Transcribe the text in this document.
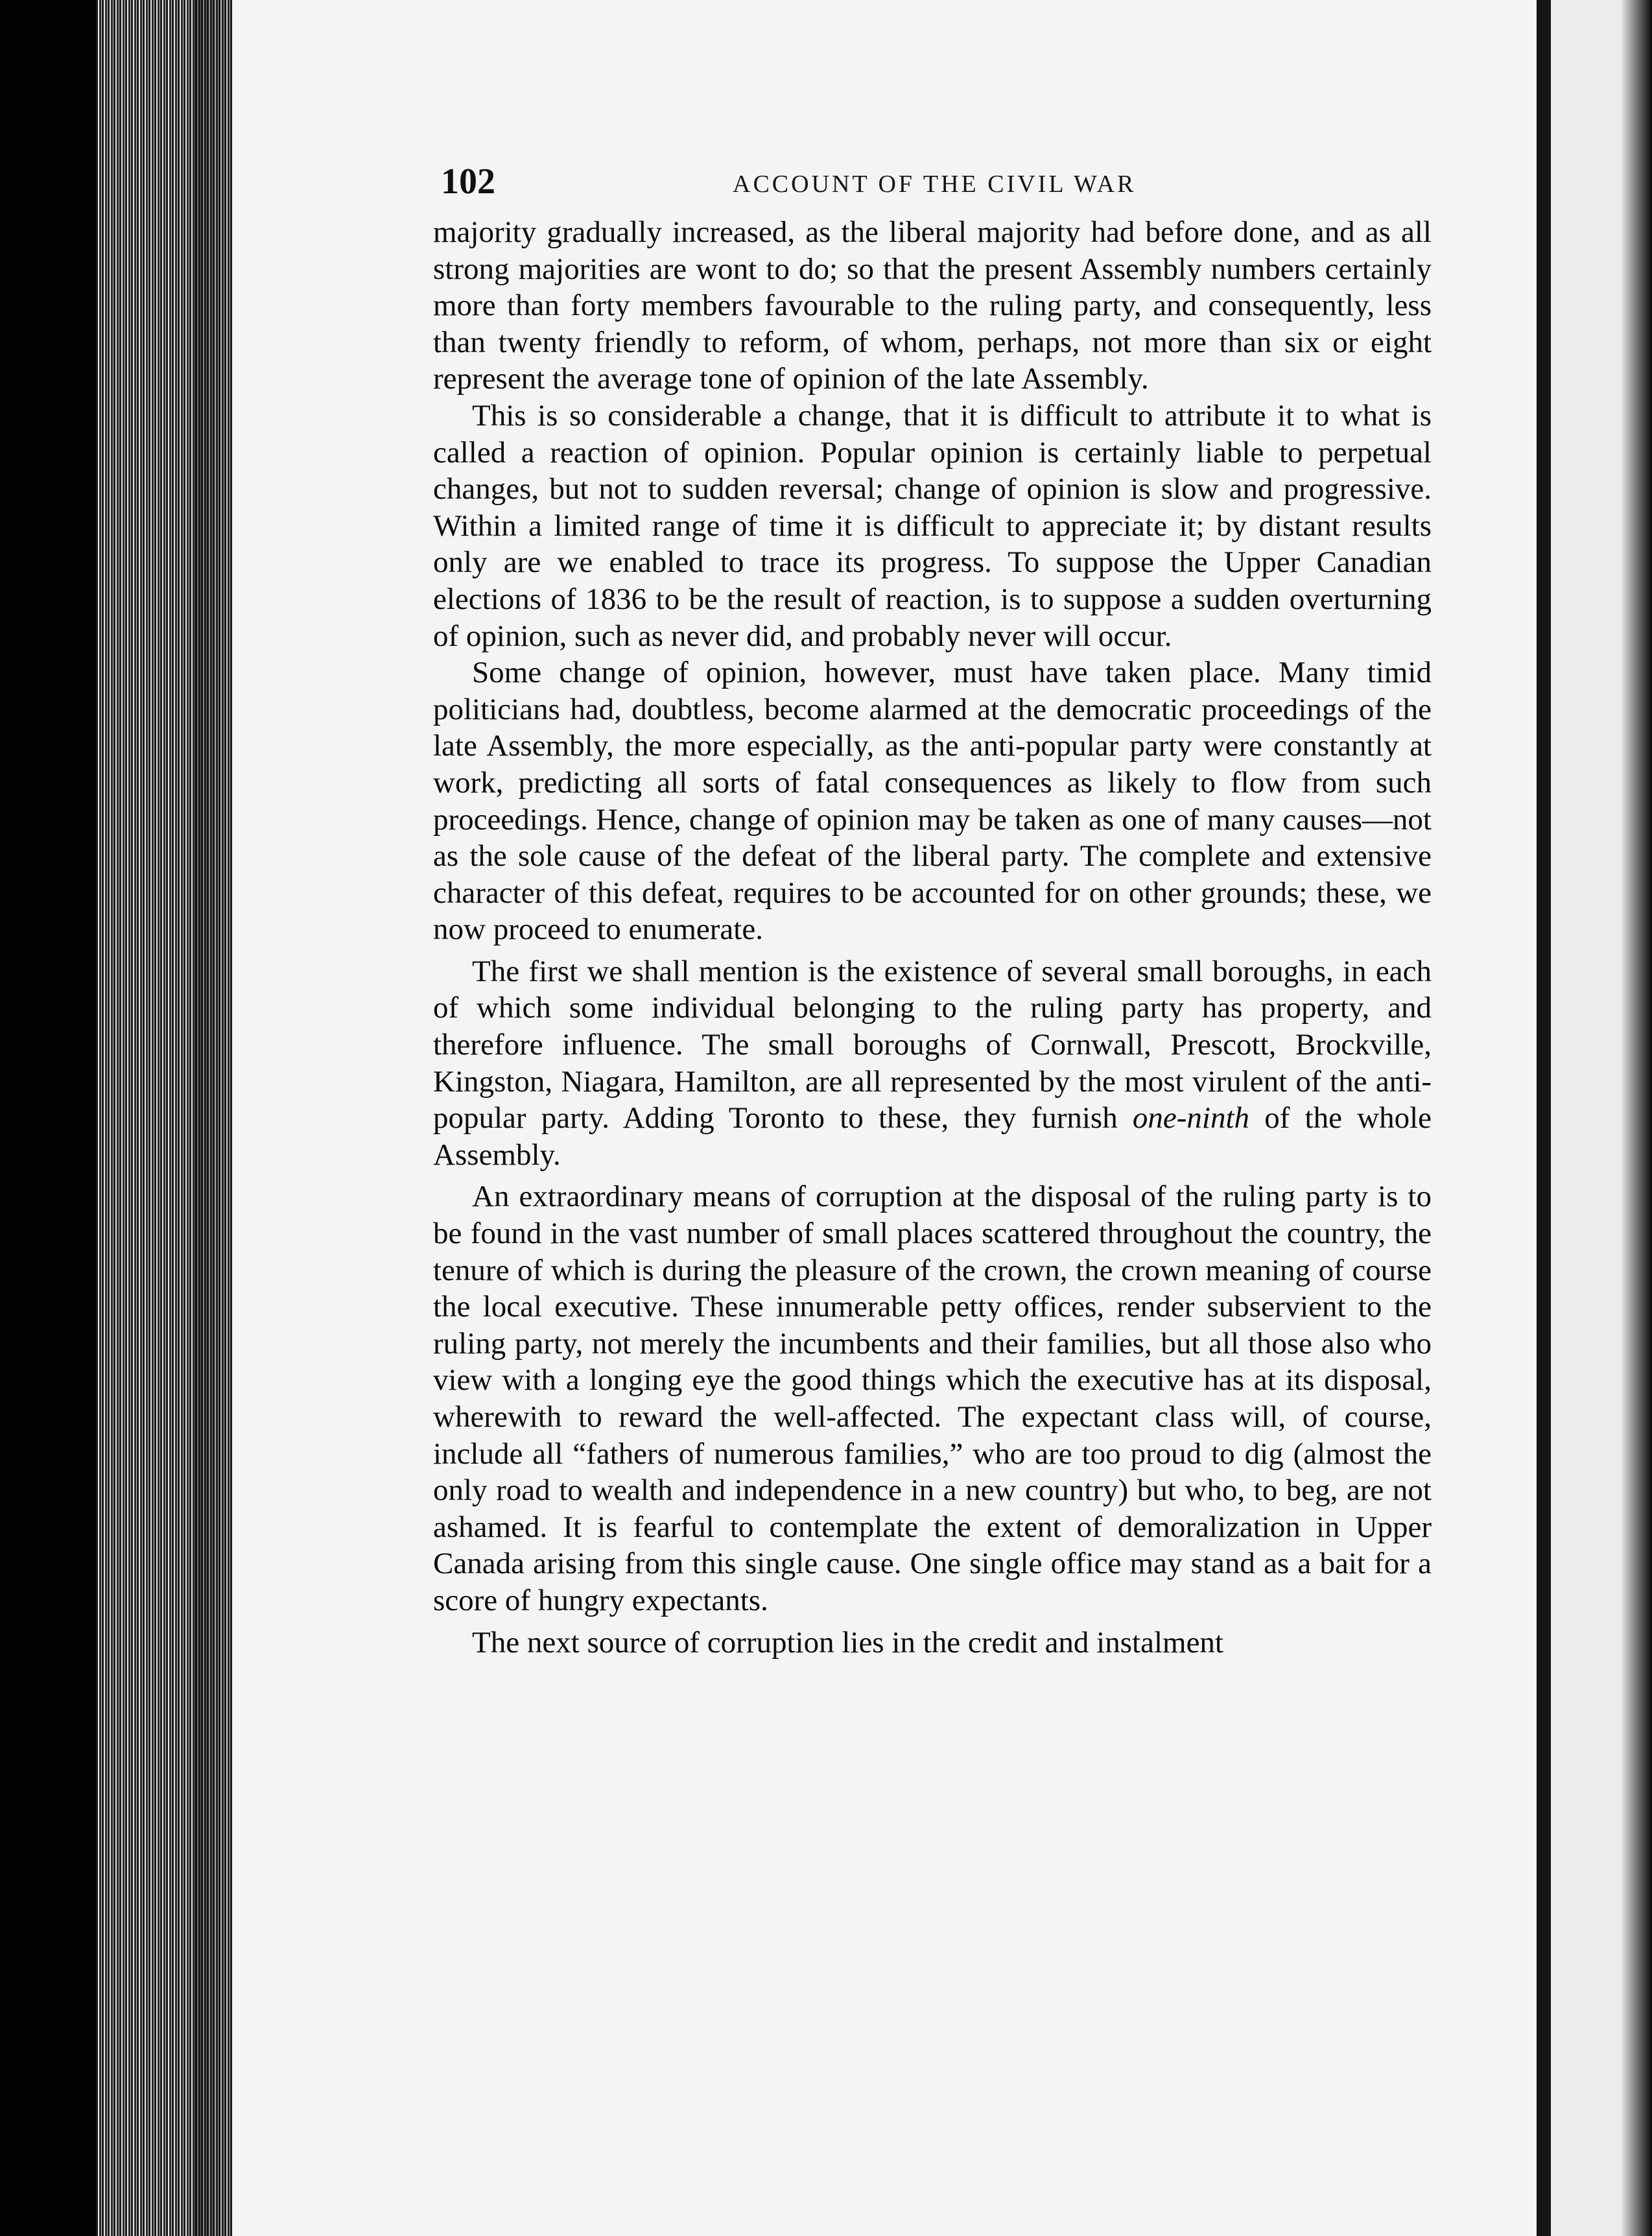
102	ACCOUNT OF THE CIVIL WAR

majority gradually increased, as the liberal majority had before done, and as all strong majorities are wont to do; so that the present Assembly numbers certainly more than forty members favourable to the ruling party, and consequently, less than twenty friendly to reform, of whom, perhaps, not more than six or eight represent the average tone of opinion of the late Assembly.

This is so considerable a change, that it is difficult to attribute it to what is called a reaction of opinion. Popular opinion is certainly liable to perpetual changes, but not to sudden reversal; change of opinion is slow and progressive. Within a limited range of time it is difficult to appreciate it; by distant results only are we enabled to trace its progress. To suppose the Upper Canadian elections of 1836 to be the result of reaction, is to suppose a sudden overturning of opinion, such as never did, and probably never will occur.

Some change of opinion, however, must have taken place. Many timid politicians had, doubtless, become alarmed at the democratic proceedings of the late Assembly, the more especially, as the anti-popular party were constantly at work, predicting all sorts of fatal consequences as likely to flow from such proceedings. Hence, change of opinion may be taken as one of many causes—not as the sole cause of the defeat of the liberal party. The complete and extensive character of this defeat, requires to be accounted for on other grounds; these, we now proceed to enumerate.

The first we shall mention is the existence of several small boroughs, in each of which some individual belonging to the ruling party has property, and therefore influence. The small boroughs of Cornwall, Prescott, Brockville, Kingston, Niagara, Hamilton, are all represented by the most virulent of the anti-popular party. Adding Toronto to these, they furnish one-ninth of the whole Assembly.

An extraordinary means of corruption at the disposal of the ruling party is to be found in the vast number of small places scattered throughout the country, the tenure of which is during the pleasure of the crown, the crown meaning of course the local executive. These innumerable petty offices, render subservient to the ruling party, not merely the incumbents and their families, but all those also who view with a longing eye the good things which the executive has at its disposal, wherewith to reward the well-affected. The expectant class will, of course, include all “fathers of numerous families,” who are too proud to dig (almost the only road to wealth and independence in a new country) but who, to beg, are not ashamed. It is fearful to contemplate the extent of demoralization in Upper Canada arising from this single cause. One single office may stand as a bait for a score of hungry expectants.

The next source of corruption lies in the credit and instalment
